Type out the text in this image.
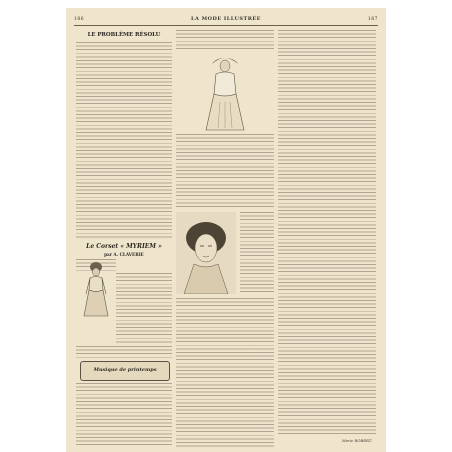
186	LA MODE ILLUSTRÉE	187
LE PROBLÈME RÉSOLU
Le Corset « MYRIEM »
par A. CLAVERIE
Musique de printemps
Marie ROBERT.
